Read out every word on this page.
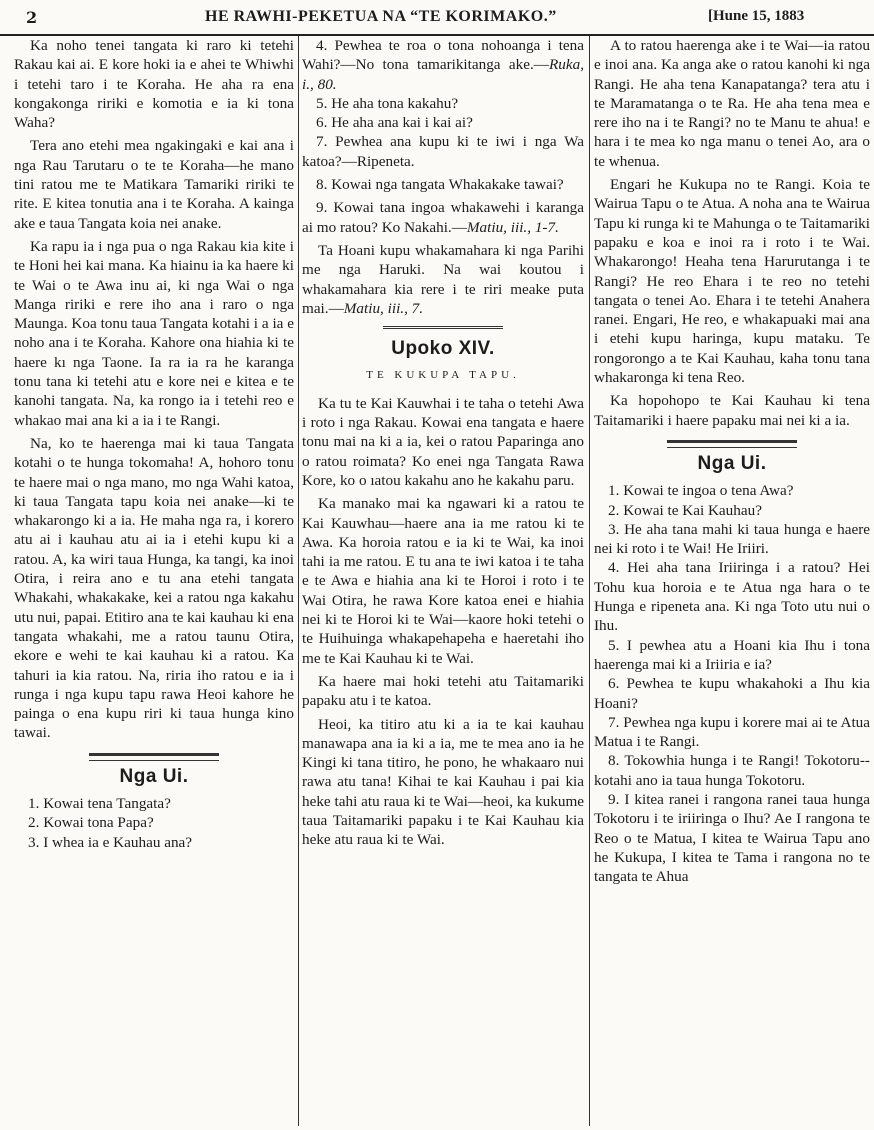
2	HE RAWHI-PEKETUA NA “TE KORIMAKO.”	[Hune 15, 1883

Ka noho tenei tangata ki raro ki tetehi Rakau kai ai. E kore hoki ia e ahei te Whiwhi i tetehi taro i te Koraha. He aha ra ena kongakonga ririki e komotia e ia ki tona Waha?

Tera ano etehi mea ngakingaki e kai ana i nga Rau Tarutaru o te te Koraha—he mano tini ratou me te Matikara Tamariki ririki te rite. E kitea tonutia ana i te Koraha. A kainga ake e taua Tangata koia nei anake.

Ka rapu ia i nga pua o nga Rakau kia kite i te Honi hei kai mana. Ka hiainu ia ka haere ki te Wai o te Awa inu ai, ki nga Wai o nga Manga ririki e rere iho ana i raro o nga Maunga. Koa tonu taua Tangata kotahi i a ia e noho ana i te Koraha. Kahore ona hiahia ki te haere kı nga Taone. Ia ra ia ra he karanga tonu tana ki tetehi atu e kore nei e kitea e te kanohi tangata. Na, ka rongo ia i tetehi reo e whakao mai ana ki a ia i te Rangi.

Na, ko te haerenga mai ki taua Tangata kotahi o te hunga tokomaha! A, hohoro tonu te haere mai o nga mano, mo nga Wahi katoa, ki taua Tangata tapu koia nei anake—ki te whakarongo ki a ia. He maha nga ra, i korero atu ai i kauhau atu ai ia i etehi kupu ki a ratou. A, ka wiri taua Hunga, ka tangi, ka inoi Otira, i reira ano e tu ana etehi tangata Whakahi, whakakake, kei a ratou nga kakahu utu nui, papai. Etitiro ana te kai kauhau ki ena tangata whakahi, me a ratou taunu Otira, ekore e wehi te kai kauhau ki a ratou. Ka tahuri ia kia ratou. Na, riria iho ratou e ia i runga i nga kupu tapu rawa Heoi kahore he painga o ena kupu riri ki taua hunga kino tawai.

Nga Ui.
1. Kowai tena Tangata?
2. Kowai tona Papa?
3. I whea ia e Kauhau ana?
4. Pewhea te roa o tona nohoanga i tena Wahi?—No tona tamarikitanga ake.—Ruka, i., 80.
5. He aha tona kakahu?
6. He aha ana kai i kai ai?
7. Pewhea ana kupu ki te iwi i nga Wa katoa?—Ripeneta.
8. Kowai nga tangata Whakakake tawai?
9. Kowai tana ingoa whakawehi i karanga ai mo ratou? Ko Nakahi.—Matiu, iii., 1-7.

Ta Hoani kupu whakamahara ki nga Parihi me nga Haruki. Na wai koutou i whakamahara kia rere i te riri meake puta mai.—Matiu, iii., 7.

Upoko XIV.
TE KUKUPA TAPU.

Ka tu te Kai Kauwhai i te taha o tetehi Awa i roto i nga Rakau. Kowai ena tangata e haere tonu mai na ki a ia, kei o ratou Paparinga ano o ratou roimata? Ko enei nga Tangata Rawa Kore, ko o ıatou kakahu ano he kakahu paru.

Ka manako mai ka ngawari ki a ratou te Kai Kauwhau—haere ana ia me ratou ki te Awa. Ka horoia ratou e ia ki te Wai, ka inoi tahi ia me ratou. E tu ana te iwi katoa i te taha e te Awa e hiahia ana ki te Horoi i roto i te Wai Otira, he rawa Kore katoa enei e hiahia nei ki te Horoi ki te Wai—kaore hoki tetehi o te Huihuinga whakapehapeha e haeretahi iho me te Kai Kauhau ki te Wai.

Ka haere mai hoki tetehi atu Taitamariki papaku atu i te katoa.

Heoi, ka titiro atu ki a ia te kai kauhau manawapa ana ia ki a ia, me te mea ano ia he Kingi ki tana titiro, he pono, he whakaaro nui rawa atu tana! Kihai te kai Kauhau i pai kia heke tahi atu raua ki te Wai—heoi, ka kukume taua Taitamariki papaku i te Kai Kauhau kia heke atu raua ki te Wai.

A to ratou haerenga ake i te Wai—ia ratou e inoi ana. Ka anga ake o ratou kanohi ki nga Rangi. He aha tena Kanapatanga? tera atu i te Maramatanga o te Ra. He aha tena mea e rere iho na i te Rangi? no te Manu te ahua! e hara i te mea ko nga manu o tenei Ao, ara o te whenua.

Engari he Kukupa no te Rangi. Koia te Wairua Tapu o te Atua. A noha ana te Wairua Tapu ki runga ki te Mahunga o te Taitamariki papaku e koa e inoi ra i roto i te Wai. Whakarongo! Heaha tena Harurutanga i te Rangi? He reo Ehara i te reo no tetehi tangata o tenei Ao. Ehara i te tetehi Anahera ranei. Engari, He reo, e whakapuaki mai ana i etehi kupu haringa, kupu mataku. Te rongorongo a te Kai Kauhau, kaha tonu tana whakaronga ki tena Reo.

Ka hopohopo te Kai Kauhau ki tena Taitamariki i haere papaku mai nei ki a ia.

Nga Ui.
1. Kowai te ingoa o tena Awa?
2. Kowai te Kai Kauhau?
3. He aha tana mahi ki taua hunga e haere nei ki roto i te Wai! He Iriiri.
4. Hei aha tana Iriiringa i a ratou? Hei Tohu kua horoia e te Atua nga hara o te Hunga e ripeneta ana. Ki nga Toto utu nui o Ihu.
5. I pewhea atu a Hoani kia Ihu i tona haerenga mai ki a Iriiria e ia?
6. Pewhea te kupu whakahoki a Ihu kia Hoani?
7. Pewhea nga kupu i korere mai ai te Atua Matua i te Rangi.
8. Tokowhia hunga i te Rangi! Tokotoru--kotahi ano ia taua hunga Tokotoru.
9. I kitea ranei i rangona ranei taua hunga Tokotoru i te iriiringa o Ihu? Ae I rangona te Reo o te Matua, I kitea te Wairua Tapu ano he Kukupa, I kitea te Tama i rangona no te tangata te Ahua
